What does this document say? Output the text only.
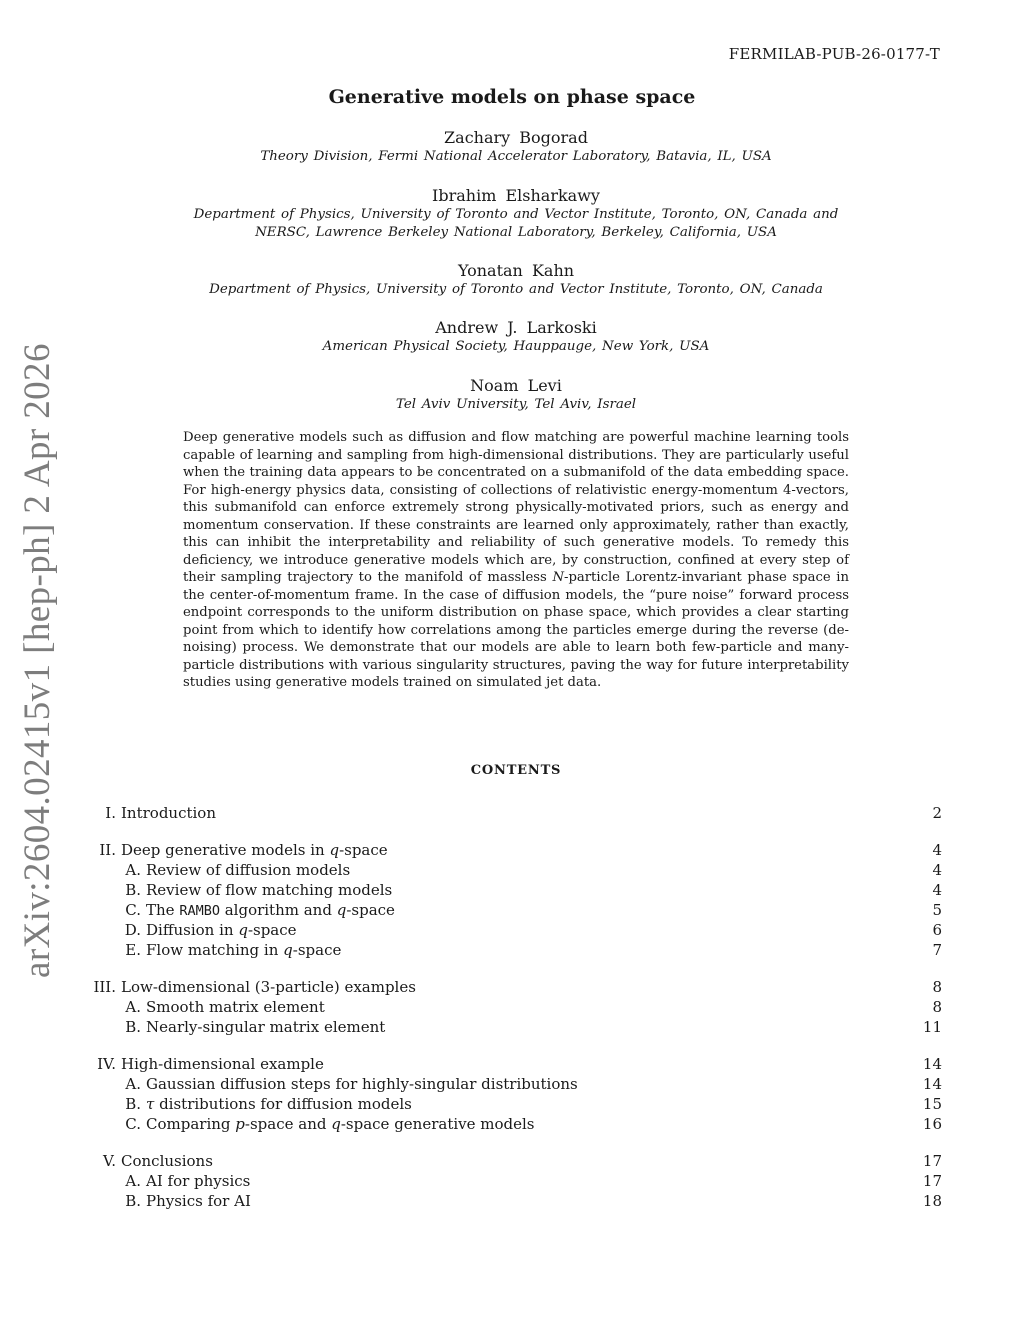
FERMILAB-PUB-26-0177-T
arXiv:2604.02415v1 [hep-ph] 2 Apr 2026
Generative models on phase space
Zachary Bogorad
Theory Division, Fermi National Accelerator Laboratory, Batavia, IL, USA
Ibrahim Elsharkawy
Department of Physics, University of Toronto and Vector Institute, Toronto, ON, Canada and
NERSC, Lawrence Berkeley National Laboratory, Berkeley, California, USA
Yonatan Kahn
Department of Physics, University of Toronto and Vector Institute, Toronto, ON, Canada
Andrew J. Larkoski
American Physical Society, Hauppauge, New York, USA
Noam Levi
Tel Aviv University, Tel Aviv, Israel
Deep generative models such as diffusion and flow matching are powerful machine learning tools capable of learning and sampling from high-dimensional distributions. They are particularly useful when the training data appears to be concentrated on a submanifold of the data embedding space. For high-energy physics data, consisting of collections of relativistic energy-momentum 4-vectors, this submanifold can enforce extremely strong physically-motivated priors, such as energy and momentum conservation. If these constraints are learned only approximately, rather than exactly, this can inhibit the interpretability and reliability of such generative models. To remedy this deficiency, we introduce generative models which are, by construction, confined at every step of their sampling trajectory to the manifold of massless N-particle Lorentz-invariant phase space in the center-of-momentum frame. In the case of diffusion models, the “pure noise” forward process endpoint corresponds to the uniform distribution on phase space, which provides a clear starting point from which to identify how correlations among the particles emerge during the reverse (de-noising) process. We demonstrate that our models are able to learn both few-particle and many-particle distributions with various singularity structures, paving the way for future interpretability studies using generative models trained on simulated jet data.
CONTENTS
I. Introduction	2
II. Deep generative models in q-space	4
A. Review of diffusion models	4
B. Review of flow matching models	4
C. The RAMBO algorithm and q-space	5
D. Diffusion in q-space	6
E. Flow matching in q-space	7
III. Low-dimensional (3-particle) examples	8
A. Smooth matrix element	8
B. Nearly-singular matrix element	11
IV. High-dimensional example	14
A. Gaussian diffusion steps for highly-singular distributions	14
B. τ distributions for diffusion models	15
C. Comparing p-space and q-space generative models	16
V. Conclusions	17
A. AI for physics	17
B. Physics for AI	18
